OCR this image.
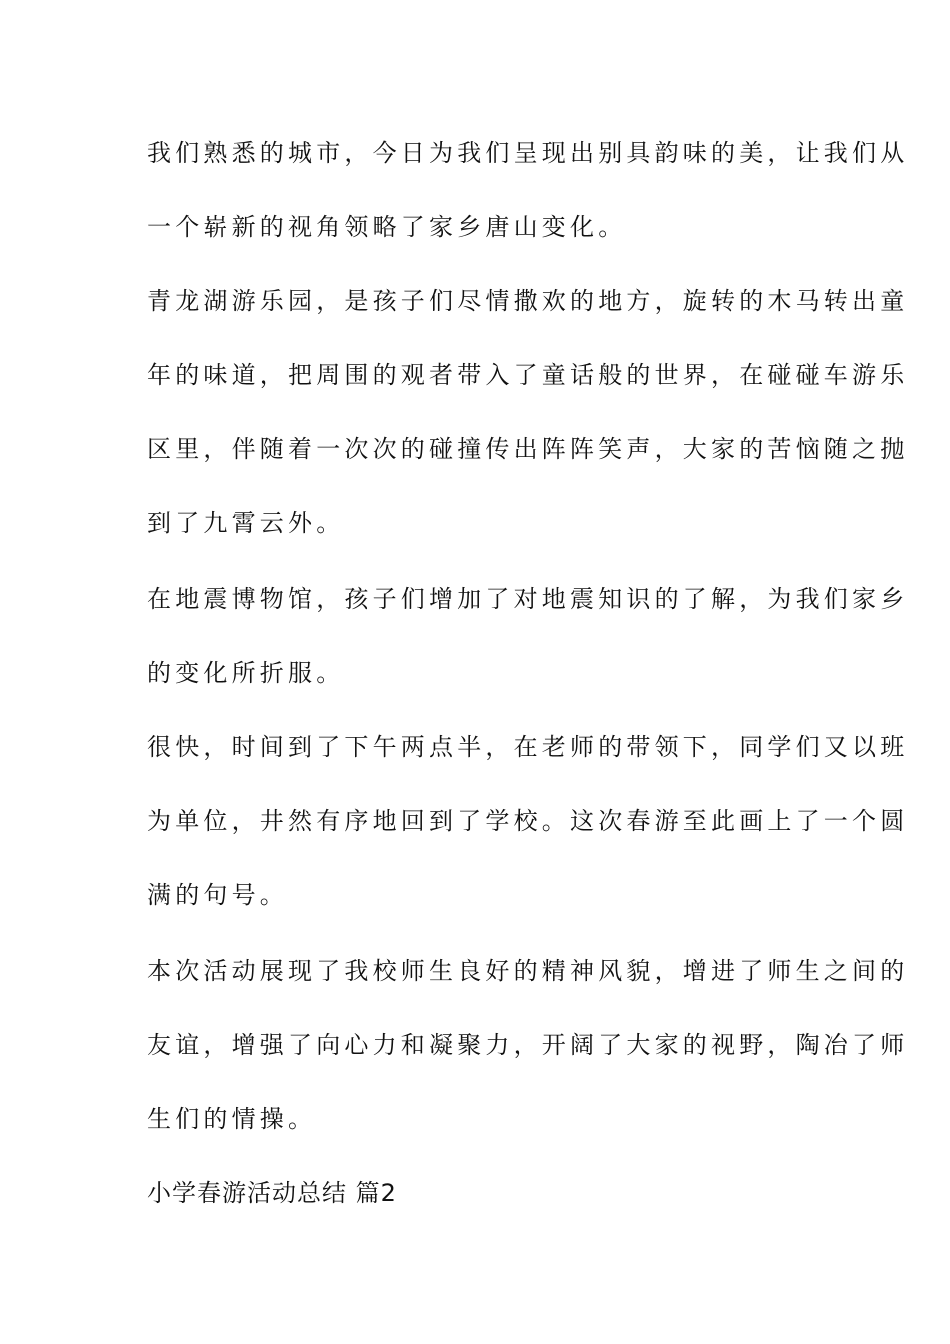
我们熟悉的城市，今日为我们呈现出别具韵味的美，让我们从
一个崭新的视角领略了家乡唐山变化。
青龙湖游乐园，是孩子们尽情撒欢的地方，旋转的木马转出童
年的味道，把周围的观者带入了童话般的世界，在碰碰车游乐
区里，伴随着一次次的碰撞传出阵阵笑声，大家的苦恼随之抛
到了九霄云外。
在地震博物馆，孩子们增加了对地震知识的了解，为我们家乡
的变化所折服。
很快，时间到了下午两点半，在老师的带领下，同学们又以班
为单位，井然有序地回到了学校。这次春游至此画上了一个圆
满的句号。
本次活动展现了我校师生良好的精神风貌，增进了师生之间的
友谊，增强了向心力和凝聚力，开阔了大家的视野，陶冶了师
生们的情操。
小学春游活动总结 篇2
